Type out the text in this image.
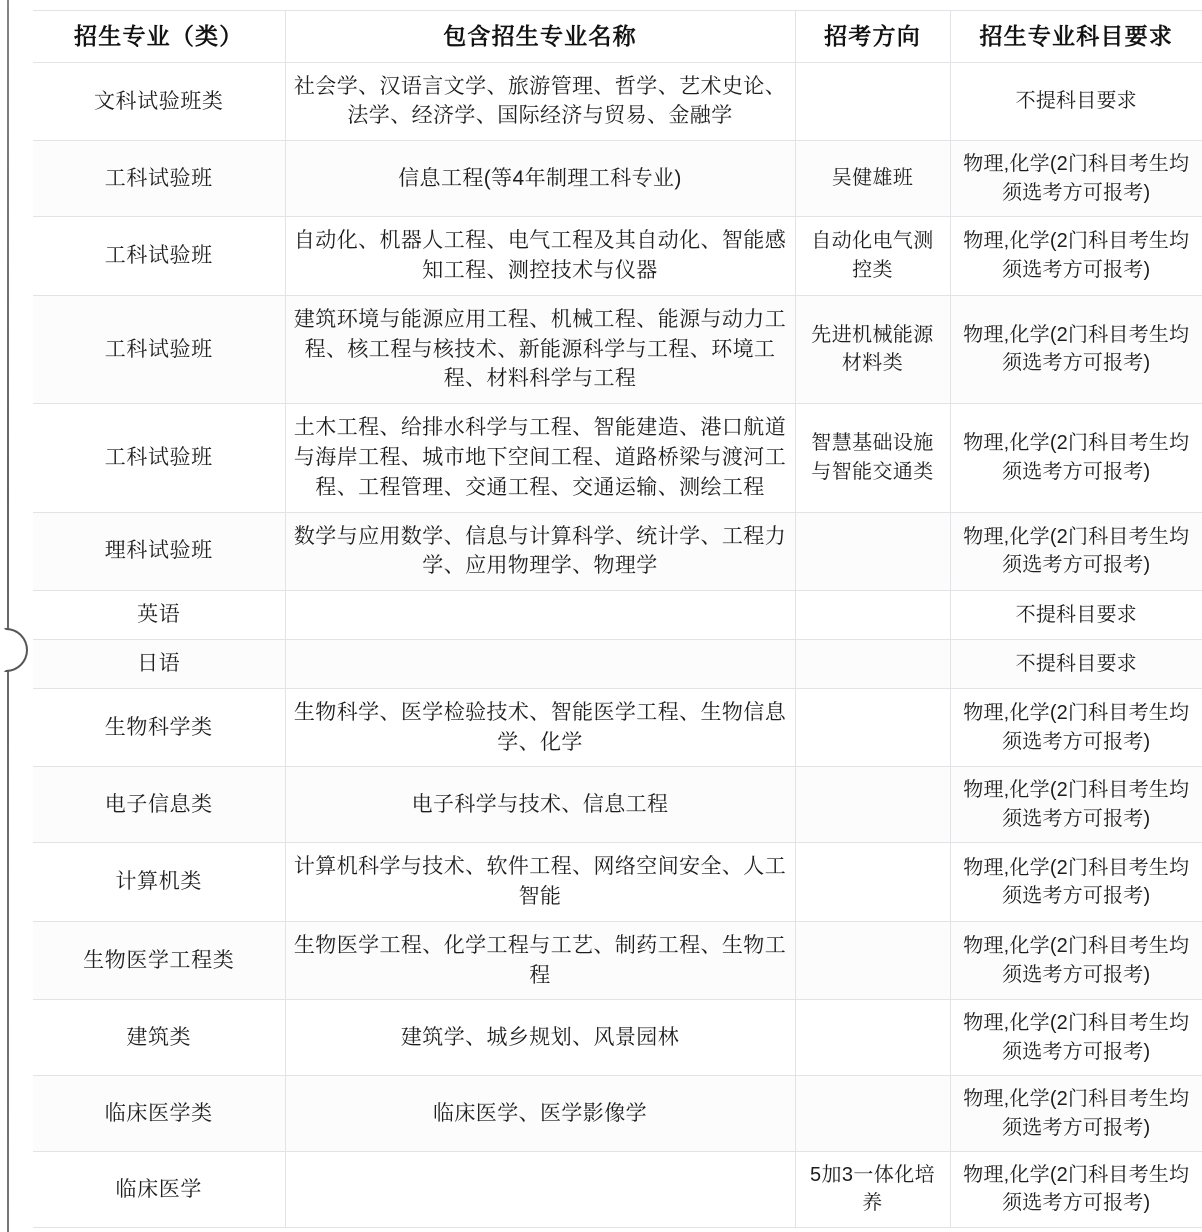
招生专业（类）	包含招生专业名称	招考方向	招生专业科目要求
文科试验班类	社会学、汉语言文学、旅游管理、哲学、艺术史论、法学、经济学、国际经济与贸易、金融学		不提科目要求
工科试验班	信息工程(等4年制理工科专业)	吴健雄班	物理,化学(2门科目考生均须选考方可报考)
工科试验班	自动化、机器人工程、电气工程及其自动化、智能感知工程、测控技术与仪器	自动化电气测控类	物理,化学(2门科目考生均须选考方可报考)
工科试验班	建筑环境与能源应用工程、机械工程、能源与动力工程、核工程与核技术、新能源科学与工程、环境工程、材料科学与工程	先进机械能源材料类	物理,化学(2门科目考生均须选考方可报考)
工科试验班	土木工程、给排水科学与工程、智能建造、港口航道与海岸工程、城市地下空间工程、道路桥梁与渡河工程、工程管理、交通工程、交通运输、测绘工程	智慧基础设施与智能交通类	物理,化学(2门科目考生均须选考方可报考)
理科试验班	数学与应用数学、信息与计算科学、统计学、工程力学、应用物理学、物理学		物理,化学(2门科目考生均须选考方可报考)
英语			不提科目要求
日语			不提科目要求
生物科学类	生物科学、医学检验技术、智能医学工程、生物信息学、化学		物理,化学(2门科目考生均须选考方可报考)
电子信息类	电子科学与技术、信息工程		物理,化学(2门科目考生均须选考方可报考)
计算机类	计算机科学与技术、软件工程、网络空间安全、人工智能		物理,化学(2门科目考生均须选考方可报考)
生物医学工程类	生物医学工程、化学工程与工艺、制药工程、生物工程		物理,化学(2门科目考生均须选考方可报考)
建筑类	建筑学、城乡规划、风景园林		物理,化学(2门科目考生均须选考方可报考)
临床医学类	临床医学、医学影像学		物理,化学(2门科目考生均须选考方可报考)
临床医学		5加3一体化培养	物理,化学(2门科目考生均须选考方可报考)
